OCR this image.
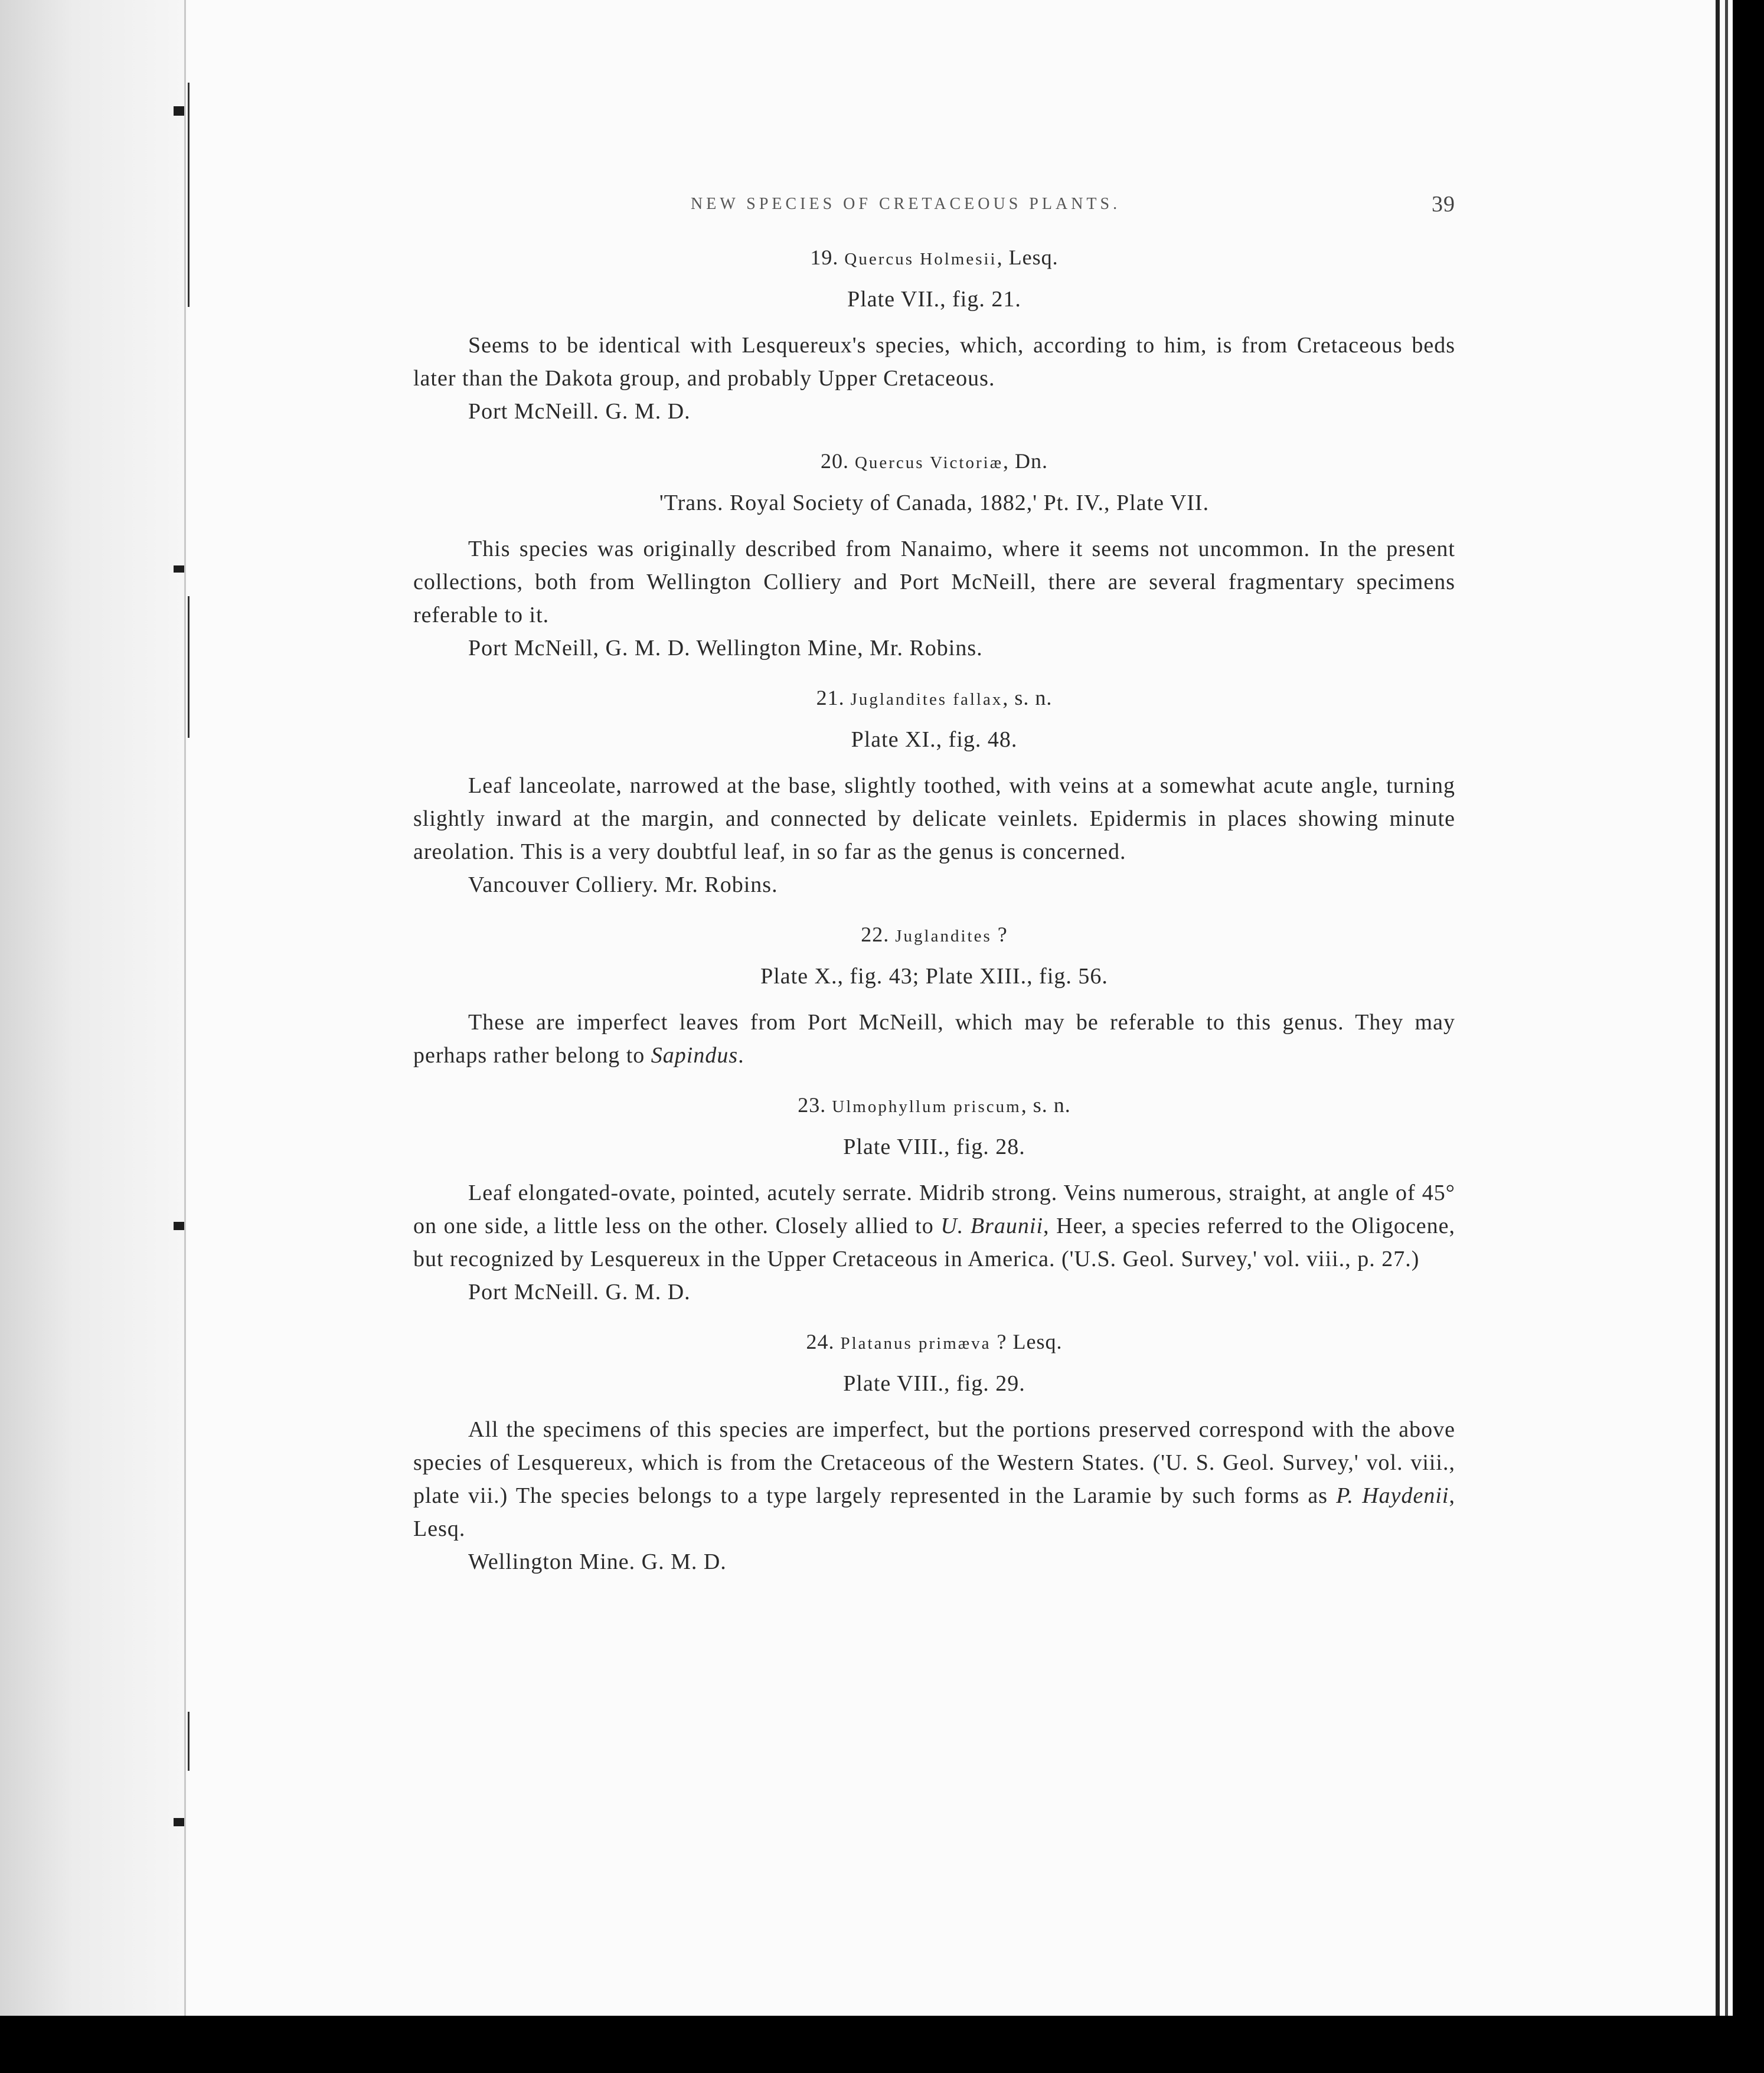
NEW SPECIES OF CRETACEOUS PLANTS.	39
19. Quercus Holmesii, Lesq.
Plate VII., fig. 21.

Seems to be identical with Lesquereux's species, which, according to him, is from Cretaceous beds later than the Dakota group, and probably Upper Cretaceous.

Port McNeill. G. M. D.

20. Quercus Victoriæ, Dn.
'Trans. Royal Society of Canada, 1882,' Pt. IV., Plate VII.

This species was originally described from Nanaimo, where it seems not uncommon. In the present collections, both from Wellington Colliery and Port McNeill, there are several fragmentary specimens referable to it.

Port McNeill, G. M. D. Wellington Mine, Mr. Robins.

21. Juglandites fallax, s. n.
Plate XI., fig. 48.

Leaf lanceolate, narrowed at the base, slightly toothed, with veins at a somewhat acute angle, turning slightly inward at the margin, and connected by delicate veinlets. Epidermis in places showing minute areolation. This is a very doubtful leaf, in so far as the genus is concerned.

Vancouver Colliery. Mr. Robins.

22. Juglandites ?
Plate X., fig. 43; Plate XIII., fig. 56.

These are imperfect leaves from Port McNeill, which may be referable to this genus. They may perhaps rather belong to Sapindus.

23. Ulmophyllum priscum, s. n.
Plate VIII., fig. 28.

Leaf elongated-ovate, pointed, acutely serrate. Midrib strong. Veins numerous, straight, at angle of 45° on one side, a little less on the other. Closely allied to U. Braunii, Heer, a species referred to the Oligocene, but recognized by Lesquereux in the Upper Cretaceous in America. ('U.S. Geol. Survey,' vol. viii., p. 27.)

Port McNeill. G. M. D.

24. Platanus primæva ? Lesq.
Plate VIII., fig. 29.

All the specimens of this species are imperfect, but the portions preserved correspond with the above species of Lesquereux, which is from the Cretaceous of the Western States. ('U. S. Geol. Survey,' vol. viii., plate vii.) The species belongs to a type largely represented in the Laramie by such forms as P. Haydenii, Lesq.

Wellington Mine. G. M. D.
